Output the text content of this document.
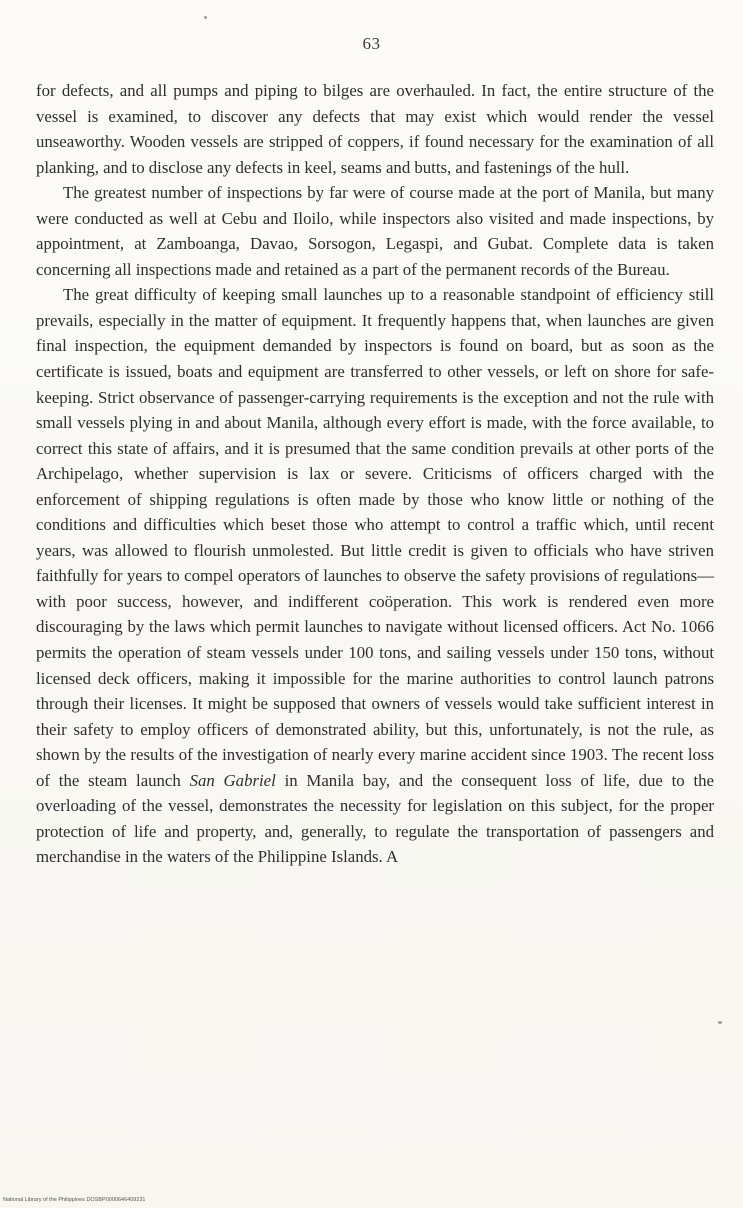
63

for defects, and all pumps and piping to bilges are overhauled. In fact, the entire structure of the vessel is examined, to discover any defects that may exist which would render the vessel unseaworthy. Wooden vessels are stripped of coppers, if found necessary for the examination of all planking, and to disclose any defects in keel, seams and butts, and fastenings of the hull.

The greatest number of inspections by far were of course made at the port of Manila, but many were conducted as well at Cebu and Iloilo, while inspectors also visited and made inspections, by appointment, at Zamboanga, Davao, Sorsogon, Legaspi, and Gubat. Complete data is taken concerning all inspections made and retained as a part of the permanent records of the Bureau.

The great difficulty of keeping small launches up to a reasonable standpoint of efficiency still prevails, especially in the matter of equipment. It frequently happens that, when launches are given final inspection, the equipment demanded by inspectors is found on board, but as soon as the certificate is issued, boats and equipment are transferred to other vessels, or left on shore for safe-keeping. Strict observance of passenger-carrying requirements is the exception and not the rule with small vessels plying in and about Manila, although every effort is made, with the force available, to correct this state of affairs, and it is presumed that the same condition prevails at other ports of the Archipelago, whether supervision is lax or severe. Criticisms of officers charged with the enforcement of shipping regulations is often made by those who know little or nothing of the conditions and difficulties which beset those who attempt to control a traffic which, until recent years, was allowed to flourish unmolested. But little credit is given to officials who have striven faithfully for years to compel operators of launches to observe the safety provisions of regulations—with poor success, however, and indifferent coöperation. This work is rendered even more discouraging by the laws which permit launches to navigate without licensed officers. Act No. 1066 permits the operation of steam vessels under 100 tons, and sailing vessels under 150 tons, without licensed deck officers, making it impossible for the marine authorities to control launch patrons through their licenses. It might be supposed that owners of vessels would take sufficient interest in their safety to employ officers of demonstrated ability, but this, unfortunately, is not the rule, as shown by the results of the investigation of nearly every marine accident since 1903. The recent loss of the steam launch San Gabriel in Manila bay, and the consequent loss of life, due to the overloading of the vessel, demonstrates the necessity for legislation on this subject, for the proper protection of life and property, and, generally, to regulate the transportation of passengers and merchandise in the waters of the Philippine Islands. A

National Library of the Philippines DOSBP0000646409231
